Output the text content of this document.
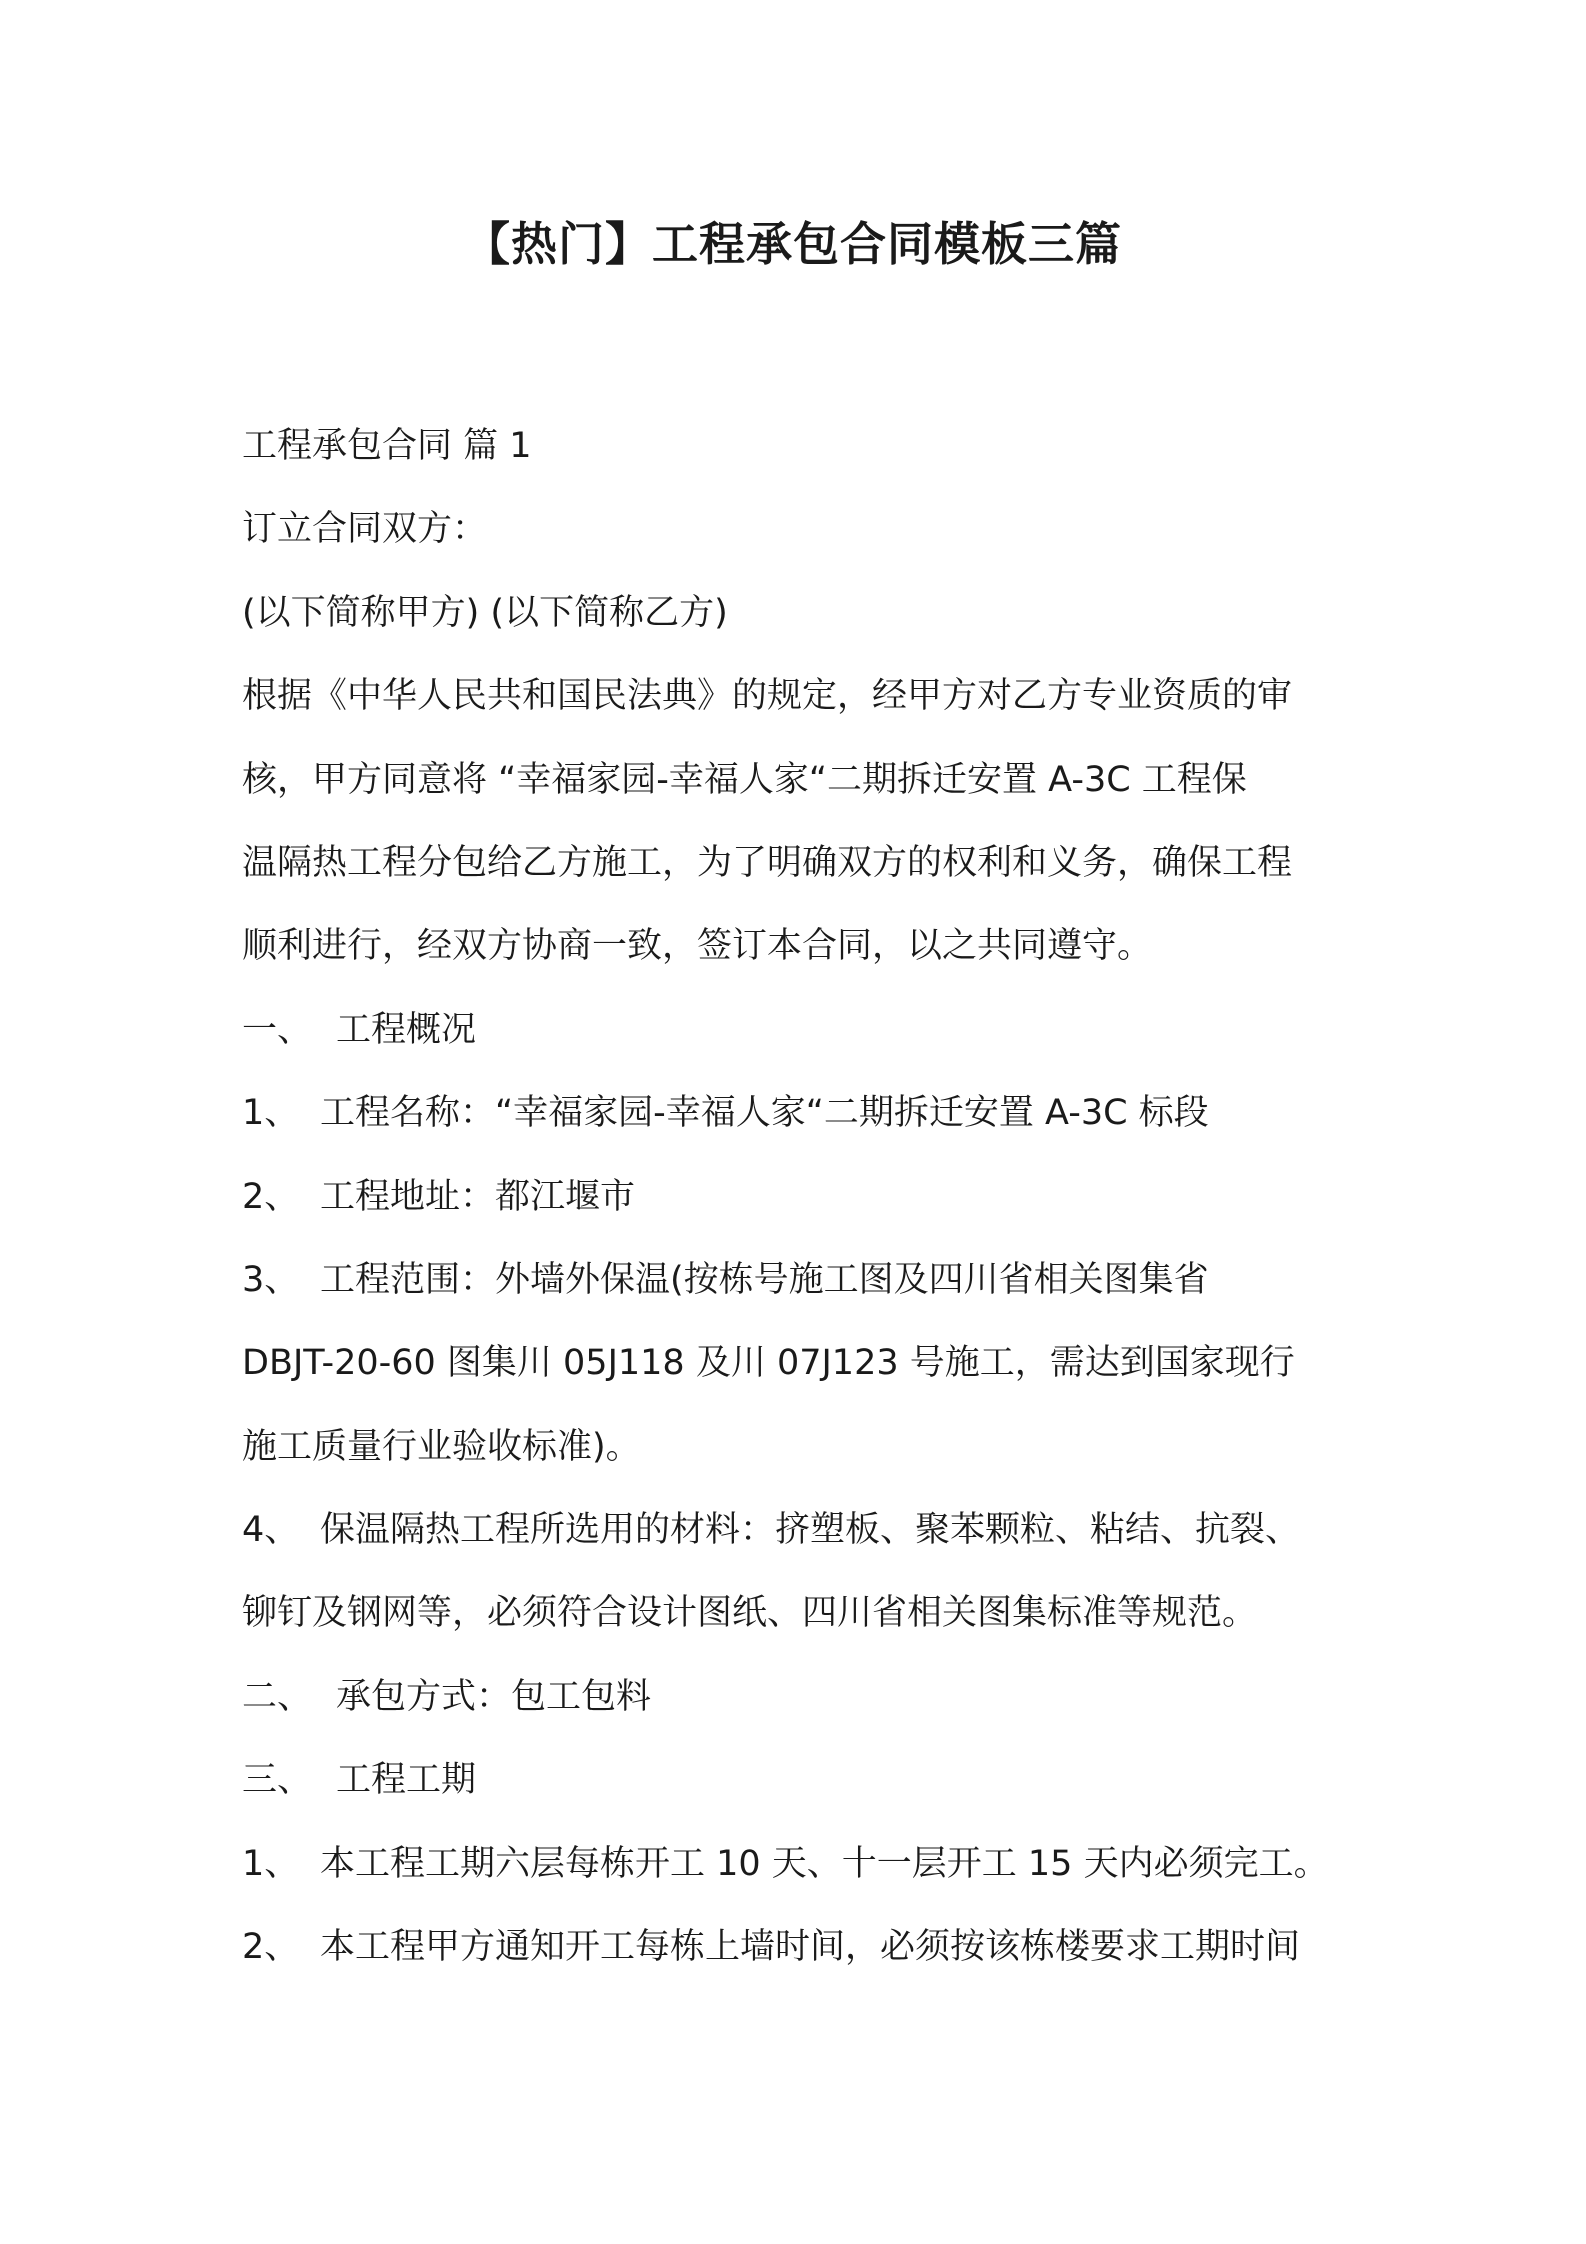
【热门】工程承包合同模板三篇

工程承包合同 篇 1

订立合同双方：

(以下简称甲方) (以下简称乙方)

根据《中华人民共和国民法典》的规定，经甲方对乙方专业资质的审

核，甲方同意将 “幸福家园-幸福人家“二期拆迁安置 A-3C 工程保

温隔热工程分包给乙方施工，为了明确双方的权利和义务，确保工程

顺利进行，经双方协商一致，签订本合同，以之共同遵守。

一、 工程概况

1、 工程名称：“幸福家园-幸福人家“二期拆迁安置 A-3C 标段

2、 工程地址：都江堰市

3、 工程范围：外墙外保温(按栋号施工图及四川省相关图集省

DBJT-20-60 图集川 05J118 及川 07J123 号施工，需达到国家现行

施工质量行业验收标准)。

4、 保温隔热工程所选用的材料：挤塑板、聚苯颗粒、粘结、抗裂、

铆钉及钢网等，必须符合设计图纸、四川省相关图集标准等规范。

二、 承包方式：包工包料

三、 工程工期

1、 本工程工期六层每栋开工 10 天、十一层开工 15 天内必须完工。

2、 本工程甲方通知开工每栋上墙时间，必须按该栋楼要求工期时间
